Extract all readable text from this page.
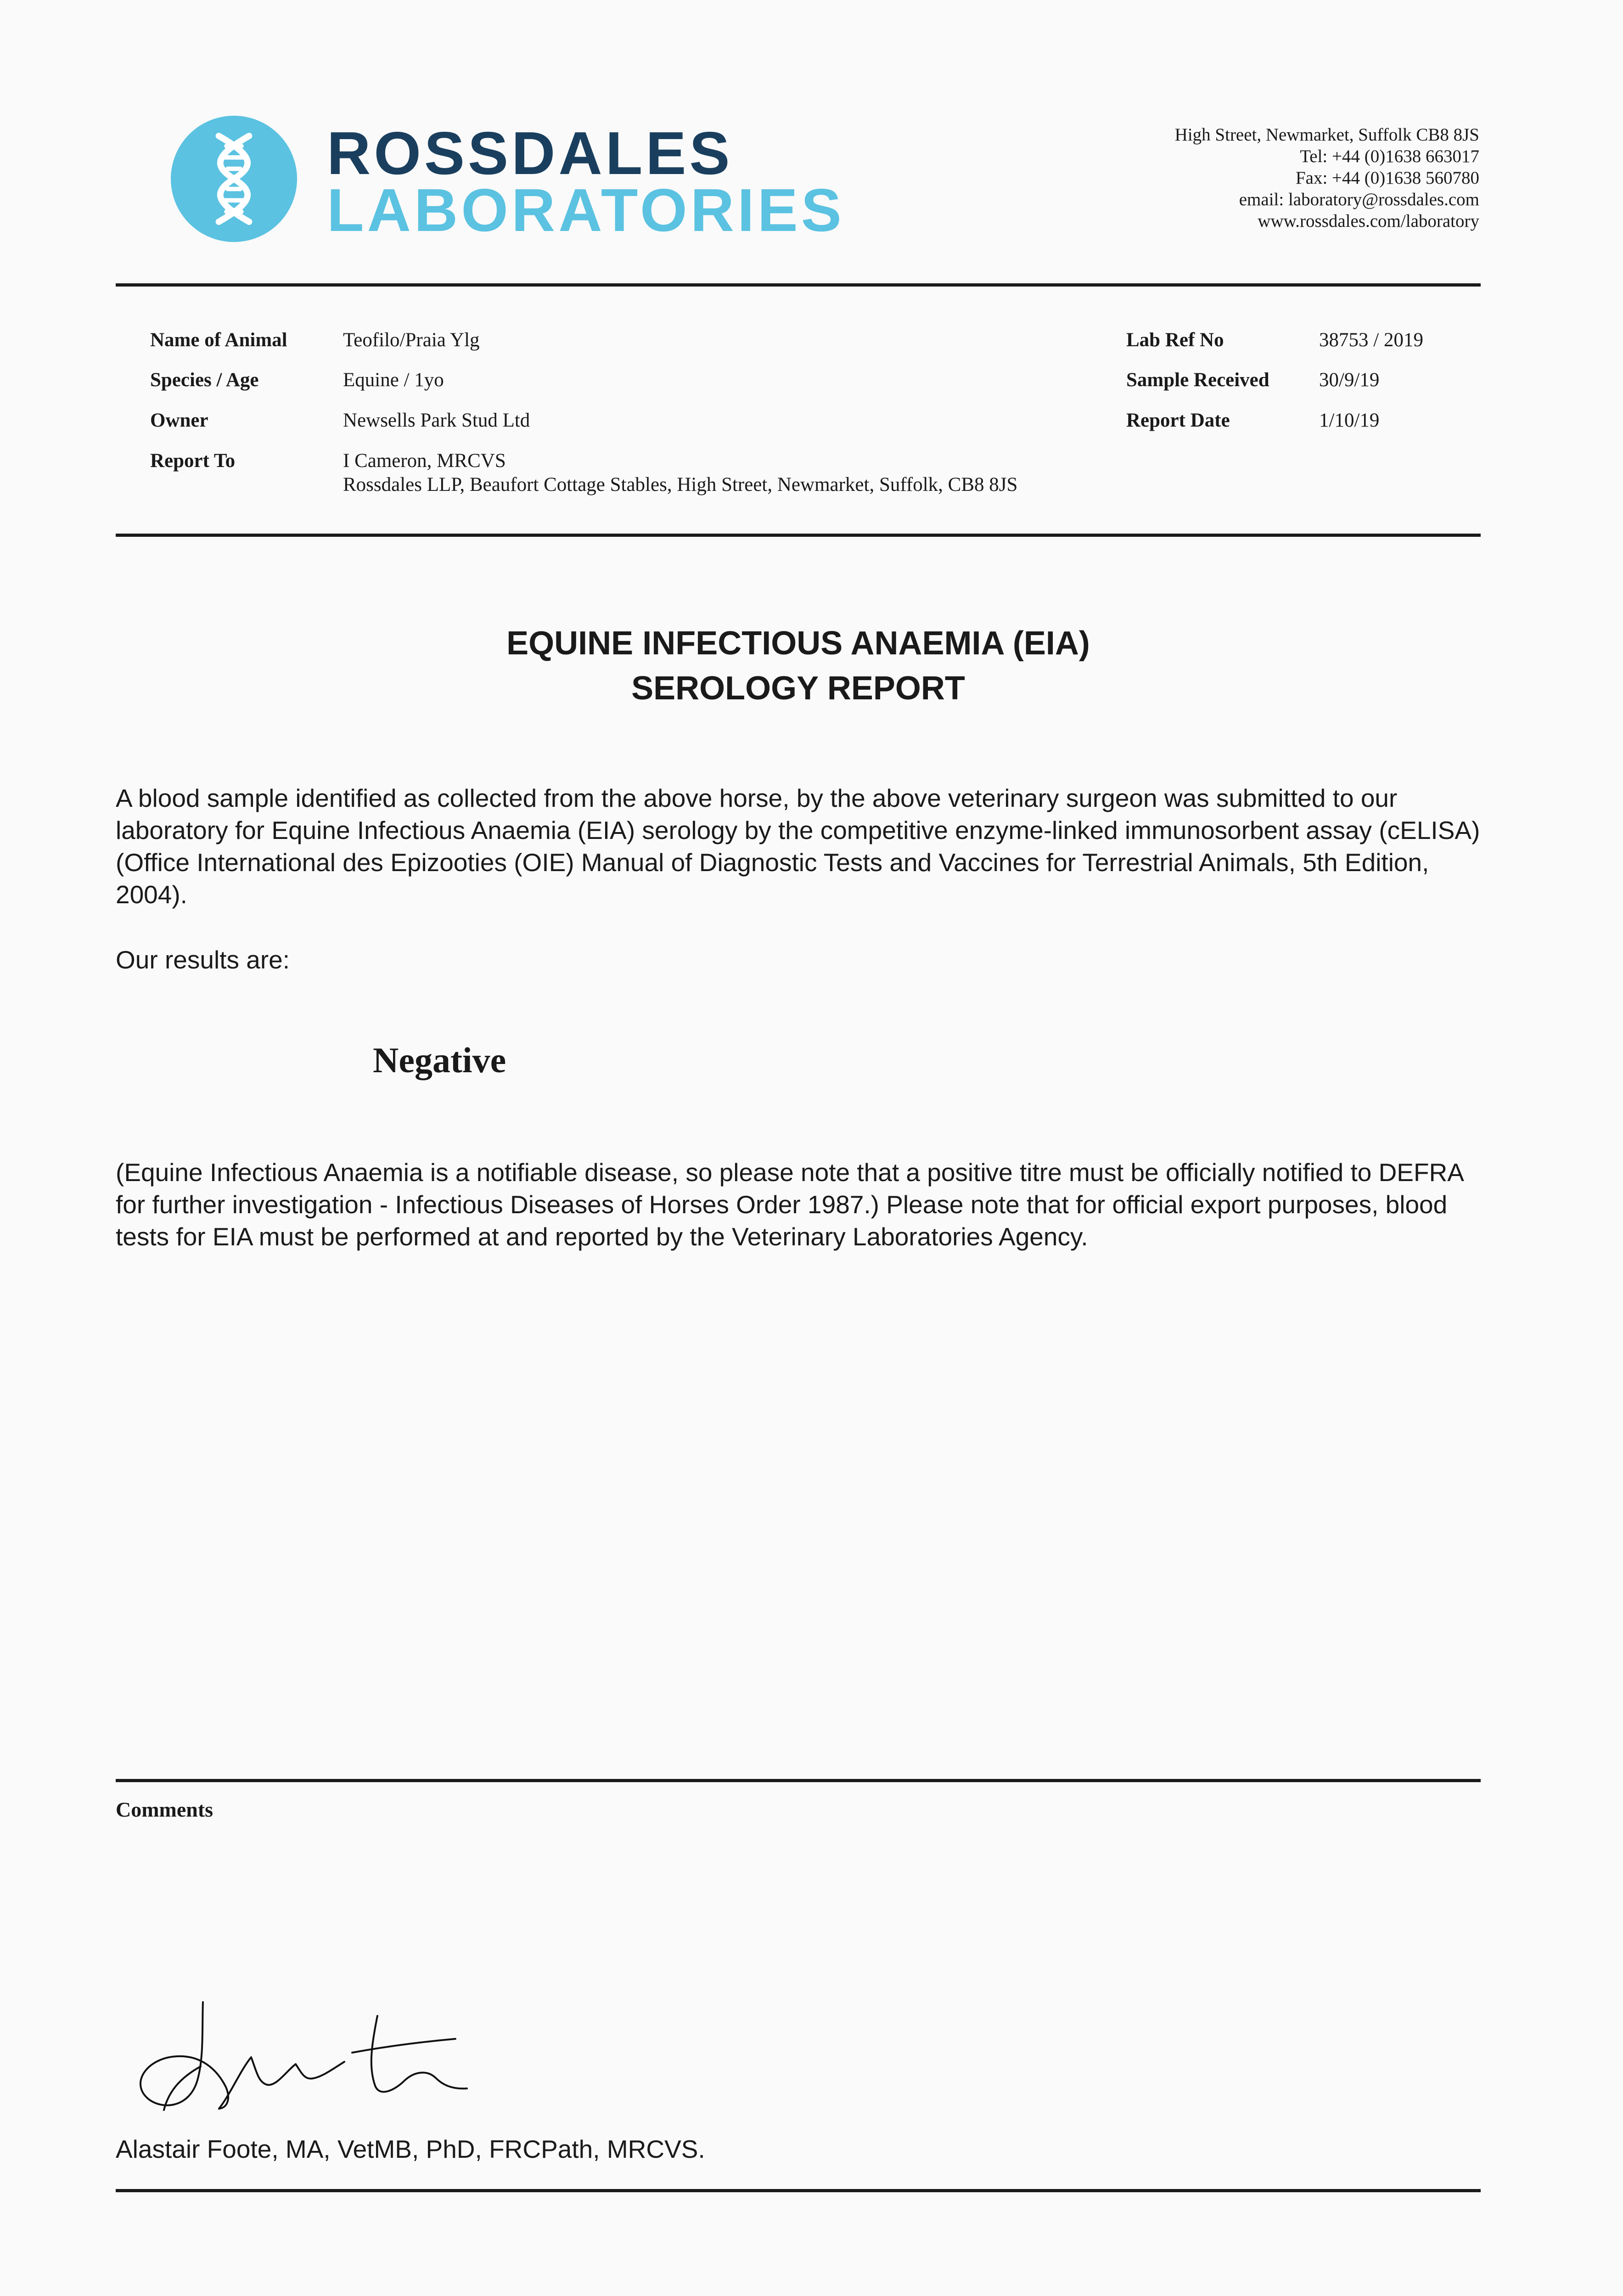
ROSSDALES
LABORATORIES
High Street, Newmarket, Suffolk CB8 8JS
Tel: +44 (0)1638 663017
Fax: +44 (0)1638 560780
email: laboratory@rossdales.com
www.rossdales.com/laboratory
Name of Animal	Teofilo/Praia Ylg
Species / Age	Equine / 1yo
Owner	Newsells Park Stud Ltd
Report To	I Cameron, MRCVS
Rossdales LLP, Beaufort Cottage Stables, High Street, Newmarket, Suffolk, CB8 8JS
Lab Ref No	38753 / 2019
Sample Received	30/9/19
Report Date	1/10/19
EQUINE INFECTIOUS ANAEMIA (EIA)
SEROLOGY REPORT
A blood sample identified as collected from the above horse, by the above veterinary surgeon was submitted to our laboratory for Equine Infectious Anaemia (EIA) serology by the competitive enzyme-linked immunosorbent assay (cELISA) (Office International des Epizooties (OIE) Manual of Diagnostic Tests and Vaccines for Terrestrial Animals, 5th Edition, 2004).
Our results are:
Negative
(Equine Infectious Anaemia is a notifiable disease, so please note that a positive titre must be officially notified to DEFRA for further investigation - Infectious Diseases of Horses Order 1987.) Please note that for official export purposes, blood tests for EIA must be performed at and reported by the Veterinary Laboratories Agency.
Comments
Alastair Foote, MA, VetMB, PhD, FRCPath, MRCVS.
